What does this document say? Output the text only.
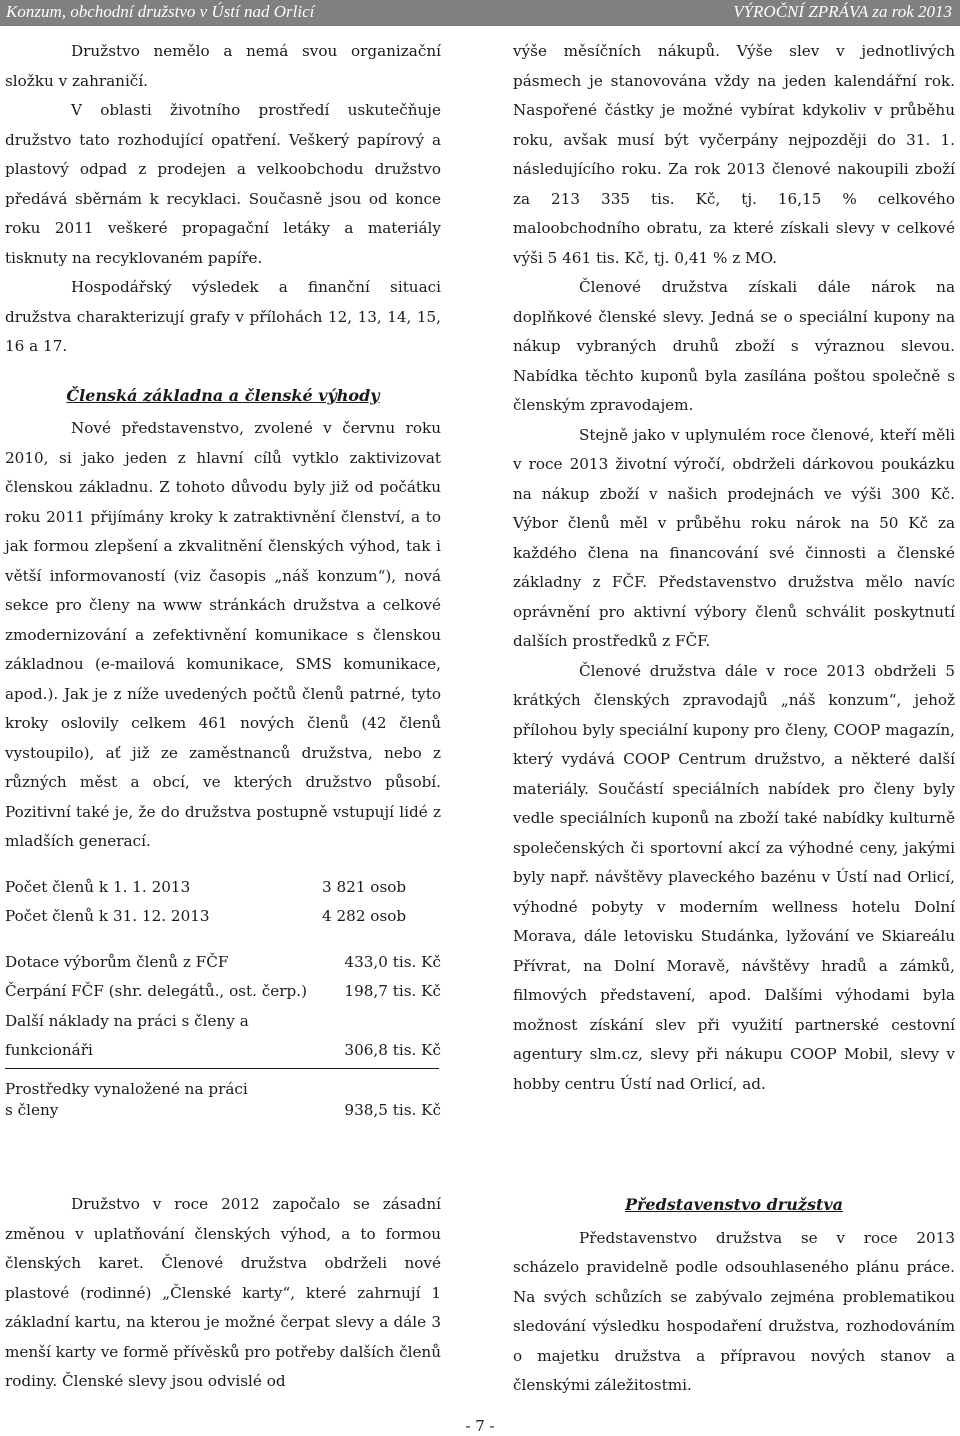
Konzum, obchodní družstvo v Ústí nad Orlicí	VÝROČNÍ ZPRÁVA za rok 2013

Družstvo nemělo a nemá svou organizační složku v zahraničí.

V oblasti životního prostředí uskutečňuje družstvo tato rozhodující opatření. Veškerý papírový a plastový odpad z prodejen a velkoobchodu družstvo předává sběrnám k recyklaci. Současně jsou od konce roku 2011 veškeré propagační letáky a materiály tisknuty na recyklovaném papíře.

Hospodářský výsledek a finanční situaci družstva charakterizují grafy v přílohách 12, 13, 14, 15, 16 a 17.

Členská základna a členské výhody

Nové představenstvo, zvolené v červnu roku 2010, si jako jeden z hlavní cílů vytklo zaktivizovat členskou základnu. Z tohoto důvodu byly již od počátku roku 2011 přijímány kroky k zatraktivnění členství, a to jak formou zlepšení a zkvalitnění členských výhod, tak i větší informovaností (viz časopis „náš konzum“), nová sekce pro členy na www stránkách družstva a celkové zmodernizování a zefektivnění komunikace s členskou základnou (e-mailová komunikace, SMS komunikace, apod.). Jak je z níže uvedených počtů členů patrné, tyto kroky oslovily celkem 461 nových členů (42 členů vystoupilo), ať již ze zaměstnanců družstva, nebo z různých měst a obcí, ve kterých družstvo působí. Pozitivní také je, že do družstva postupně vstupují lidé z mladších generací.

Počet členů k 1. 1. 2013	3 821 osob
Počet členů k 31. 12. 2013	4 282 osob
Dotace výborům členů z FČF	433,0 tis. Kč
Čerpání FČF (shr. delegátů., ost. čerp.) 198,7 tis. Kč
Další náklady na práci s členy a
funkcionáři	306,8 tis. Kč
Prostředky vynaložené na práci
s členy	938,5 tis. Kč

výše měsíčních nákupů. Výše slev v jednotlivých pásmech je stanovována vždy na jeden kalendářní rok. Naspořené částky je možné vybírat kdykoliv v průběhu roku, avšak musí být vyčerpány nejpozději do 31. 1. následujícího roku. Za rok 2013 členové nakoupili zboží za 213 335 tis. Kč, tj. 16,15 % celkového maloobchodního obratu, za které získali slevy v celkové výši 5 461 tis. Kč, tj. 0,41 % z MO.

Členové družstva získali dále nárok na doplňkové členské slevy. Jedná se o speciální kupony na nákup vybraných druhů zboží s výraznou slevou. Nabídka těchto kuponů byla zasílána poštou společně s členským zpravodajem.

Stejně jako v uplynulém roce členové, kteří měli v roce 2013 životní výročí, obdrželi dárkovou poukázku na nákup zboží v našich prodejnách ve výši 300 Kč. Výbor členů měl v průběhu roku nárok na 50 Kč za každého člena na financování své činnosti a členské základny z FČF. Představenstvo družstva mělo navíc oprávnění pro aktivní výbory členů schválit poskytnutí dalších prostředků z FČF.

Členové družstva dále v roce 2013 obdrželi 5 krátkých členských zpravodajů „náš konzum“, jehož přílohou byly speciální kupony pro členy, COOP magazín, který vydává COOP Centrum družstvo, a některé další materiály. Součástí speciálních nabídek pro členy byly vedle speciálních kuponů na zboží také nabídky kulturně společenských či sportovní akcí za výhodné ceny, jakými byly např. návštěvy plaveckého bazénu v Ústí nad Orlicí, výhodné pobyty v moderním wellness hotelu Dolní Morava, dále letovisku Studánka, lyžování ve Skiareálu Přívrat, na Dolní Moravě, návštěvy hradů a zámků, filmových představení, apod. Dalšími výhodami byla možnost získání slev při využití partnerské cestovní agentury slm.cz, slevy při nákupu COOP Mobil, slevy v hobby centru Ústí nad Orlicí, ad.

Družstvo v roce 2012 započalo se zásadní změnou v uplatňování členských výhod, a to formou členských karet. Členové družstva obdrželi nové plastové (rodinné) „Členské karty“, které zahrnují 1 základní kartu, na kterou je možné čerpat slevy a dále 3 menší karty ve formě přívěsků pro potřeby dalších členů rodiny. Členské slevy jsou odvislé od

Představenstvo družstva

Představenstvo družstva se v roce 2013 scházelo pravidelně podle odsouhlaseného plánu práce. Na svých schůzích se zabývalo zejména problematikou sledování výsledku hospodaření družstva, rozhodováním o majetku družstva a přípravou nových stanov a členskými záležitostmi.

- 7 -
